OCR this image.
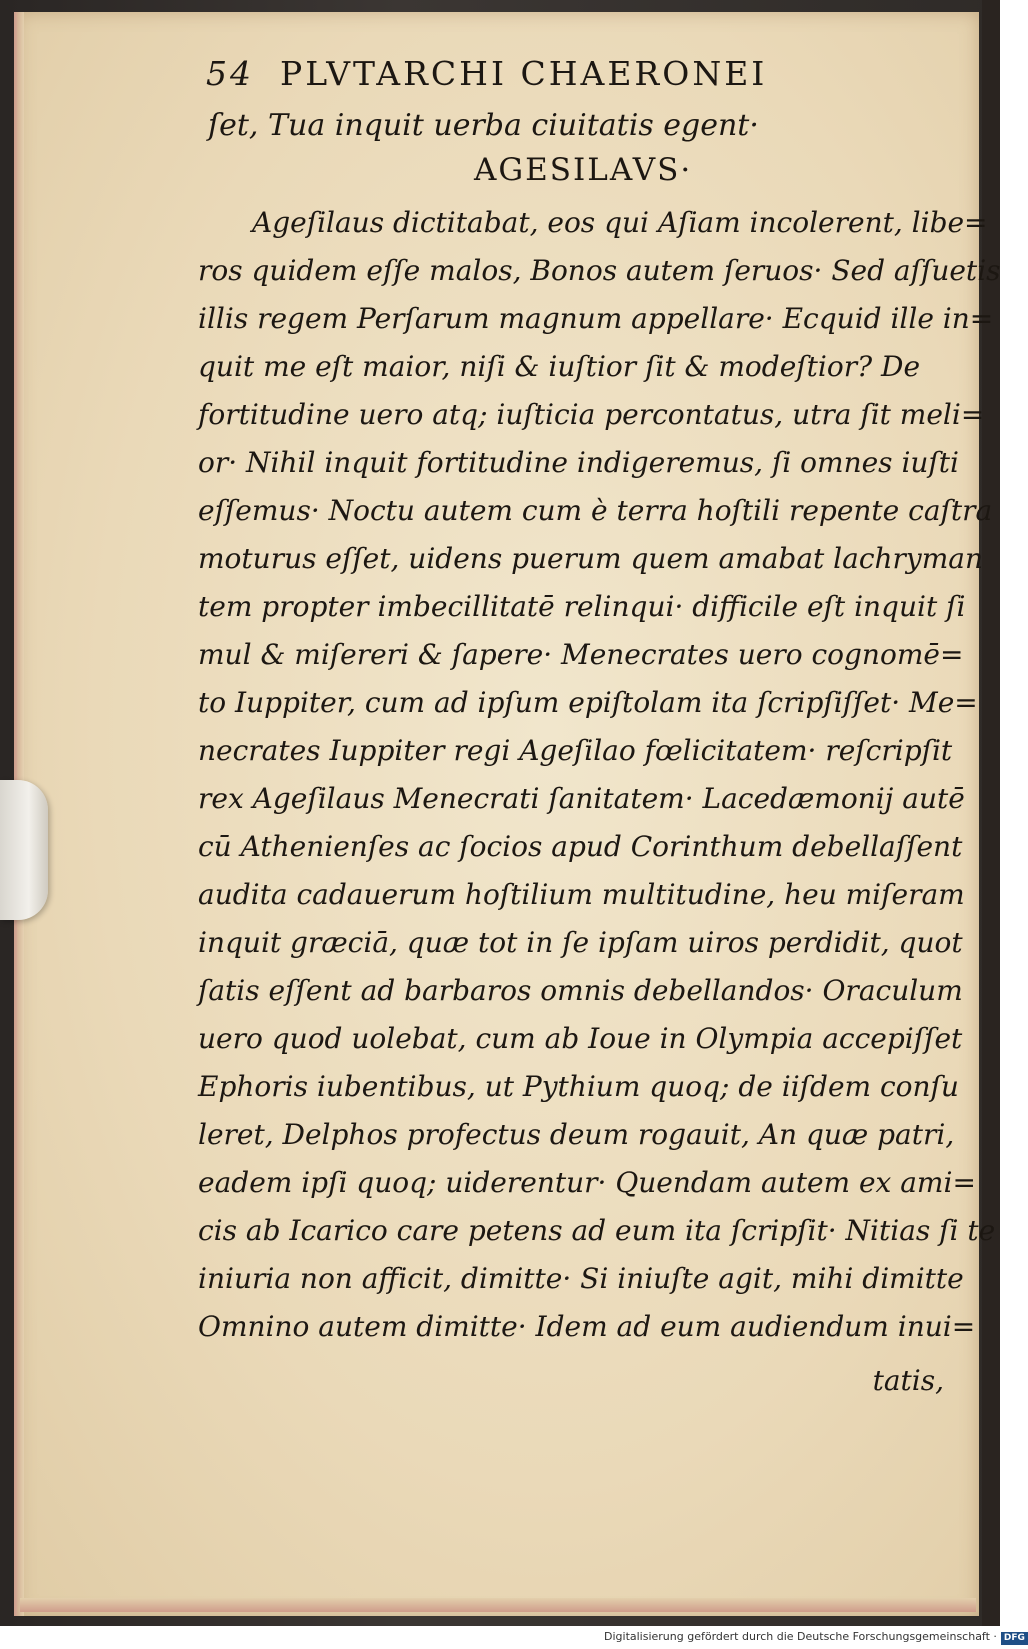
54 PLVTARCHI CHAERONEI
ſet, Tua inquit uerba ciuitatis egent·
AGESILAVS·
Ageſilaus dictitabat, eos qui Aſiam incolerent, libe=
ros quidem eſſe malos, Bonos autem ſeruos· Sed aſſuetis
illis regem Perſarum magnum appellare· Ecquid ille in=
quit me eſt maior, niſi & iuſtior ſit & modeſtior? De
fortitudine uero atq; iuſticia percontatus, utra ſit meli=
or· Nihil inquit fortitudine indigeremus, ſi omnes iuſti
eſſemus· Noctu autem cum è terra hoſtili repente caſtra
moturus eſſet, uidens puerum quem amabat lachryman
tem propter imbecillitatē relinqui· difficile eſt inquit ſi
mul & miſereri & ſapere· Menecrates uero cognomē=
to Iuppiter, cum ad ipſum epiſtolam ita ſcripſiſſet· Me=
necrates Iuppiter regi Ageſilao fœlicitatem· reſcripſit
rex Ageſilaus Menecrati ſanitatem· Lacedæmonij autē
cū Athenienſes ac ſocios apud Corinthum debellaſſent
audita cadauerum hoſtilium multitudine, heu miſeram
inquit græciā, quæ tot in ſe ipſam uiros perdidit, quot
ſatis eſſent ad barbaros omnis debellandos· Oraculum
uero quod uolebat, cum ab Ioue in Olympia accepiſſet
Ephoris iubentibus, ut Pythium quoq; de iiſdem conſu
leret, Delphos profectus deum rogauit, An quæ patri,
eadem ipſi quoq; uiderentur· Quendam autem ex ami=
cis ab Icarico care petens ad eum ita ſcripſit· Nitias ſi te
iniuria non afficit, dimitte· Si iniuſte agit, mihi dimitte
Omnino autem dimitte· Idem ad eum audiendum inui=
tatis,
Digitalisierung gefördert durch die Deutsche Forschungsgemeinschaft · DFG
